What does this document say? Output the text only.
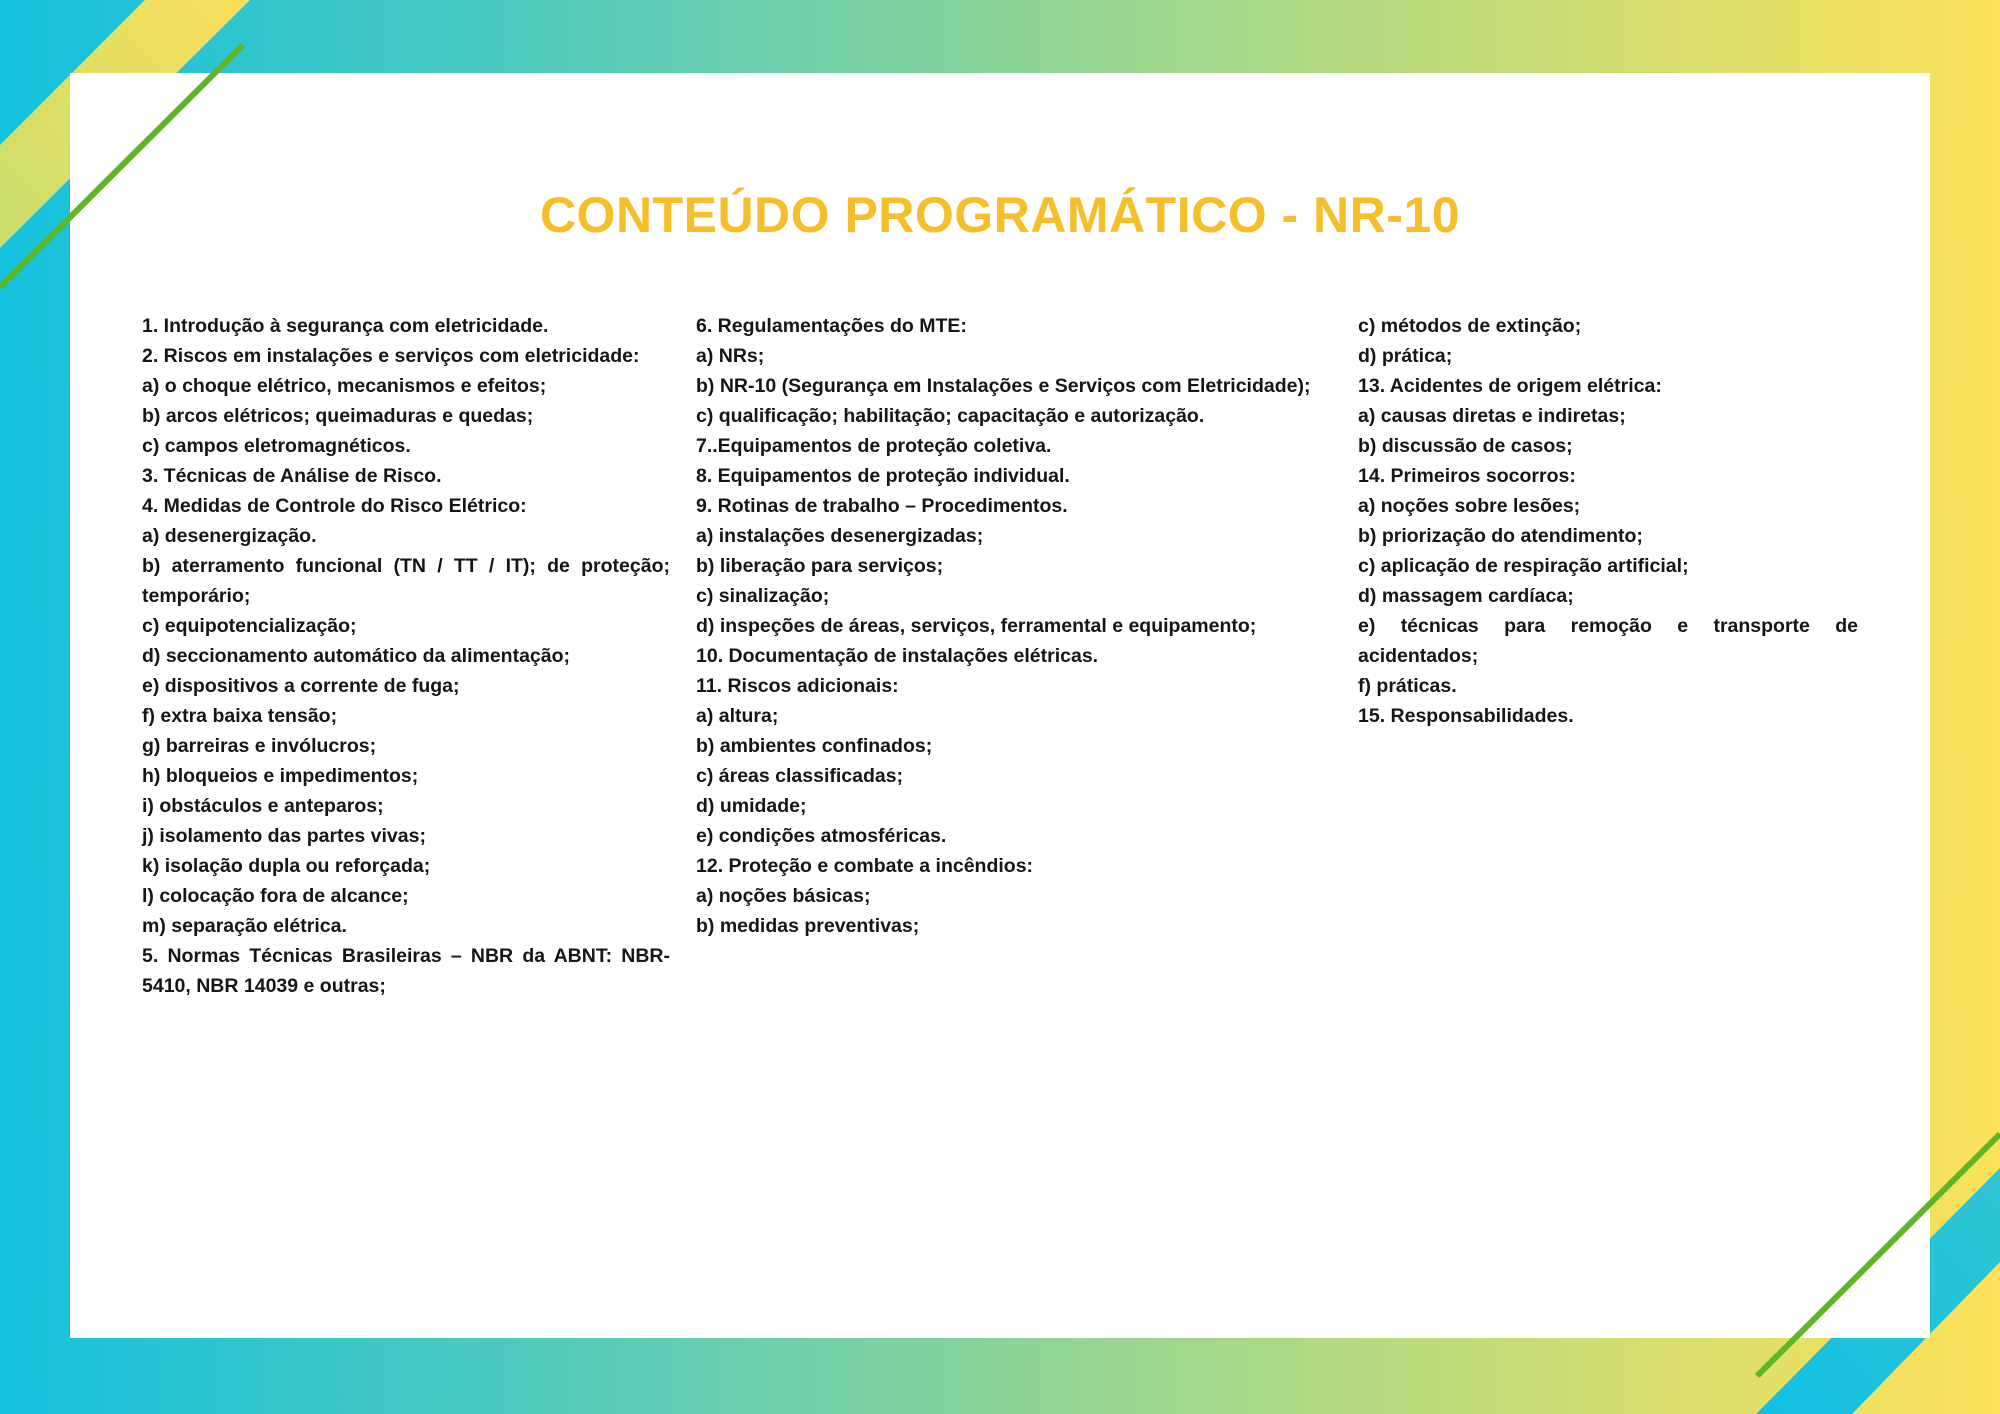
CONTEÚDO PROGRAMÁTICO - NR-10

1. Introdução à segurança com eletricidade.

2. Riscos em instalações e serviços com eletricidade:

a) o choque elétrico, mecanismos e efeitos;

b) arcos elétricos; queimaduras e quedas;

c) campos eletromagnéticos.

3. Técnicas de Análise de Risco.

4. Medidas de Controle do Risco Elétrico:

a) desenergização.

b) aterramento funcional (TN / TT / IT); de proteção; temporário;

c) equipotencialização;

d) seccionamento automático da alimentação;

e) dispositivos a corrente de fuga;

f) extra baixa tensão;

g) barreiras e invólucros;

h) bloqueios e impedimentos;

i) obstáculos e anteparos;

j) isolamento das partes vivas;

k) isolação dupla ou reforçada;

l) colocação fora de alcance;

m) separação elétrica.

5. Normas Técnicas Brasileiras – NBR da ABNT: NBR-5410, NBR 14039 e outras;

6. Regulamentações do MTE:

a) NRs;

b) NR-10 (Segurança em Instalações e Serviços com Eletricidade);

c) qualificação; habilitação; capacitação e autorização.

7..Equipamentos de proteção coletiva.

8. Equipamentos de proteção individual.

9. Rotinas de trabalho – Procedimentos.

a) instalações desenergizadas;

b) liberação para serviços;

c) sinalização;

d) inspeções de áreas, serviços, ferramental e equipamento;

10. Documentação de instalações elétricas.

11. Riscos adicionais:

a) altura;

b) ambientes confinados;

c) áreas classificadas;

d) umidade;

e) condições atmosféricas.

12. Proteção e combate a incêndios:

a) noções básicas;

b) medidas preventivas;

c) métodos de extinção;

d) prática;

13. Acidentes de origem elétrica:

a) causas diretas e indiretas;

b) discussão de casos;

14. Primeiros socorros:

a) noções sobre lesões;

b) priorização do atendimento;

c) aplicação de respiração artificial;

d) massagem cardíaca;

e) técnicas para remoção e transporte de acidentados;

f) práticas.

15. Responsabilidades.
